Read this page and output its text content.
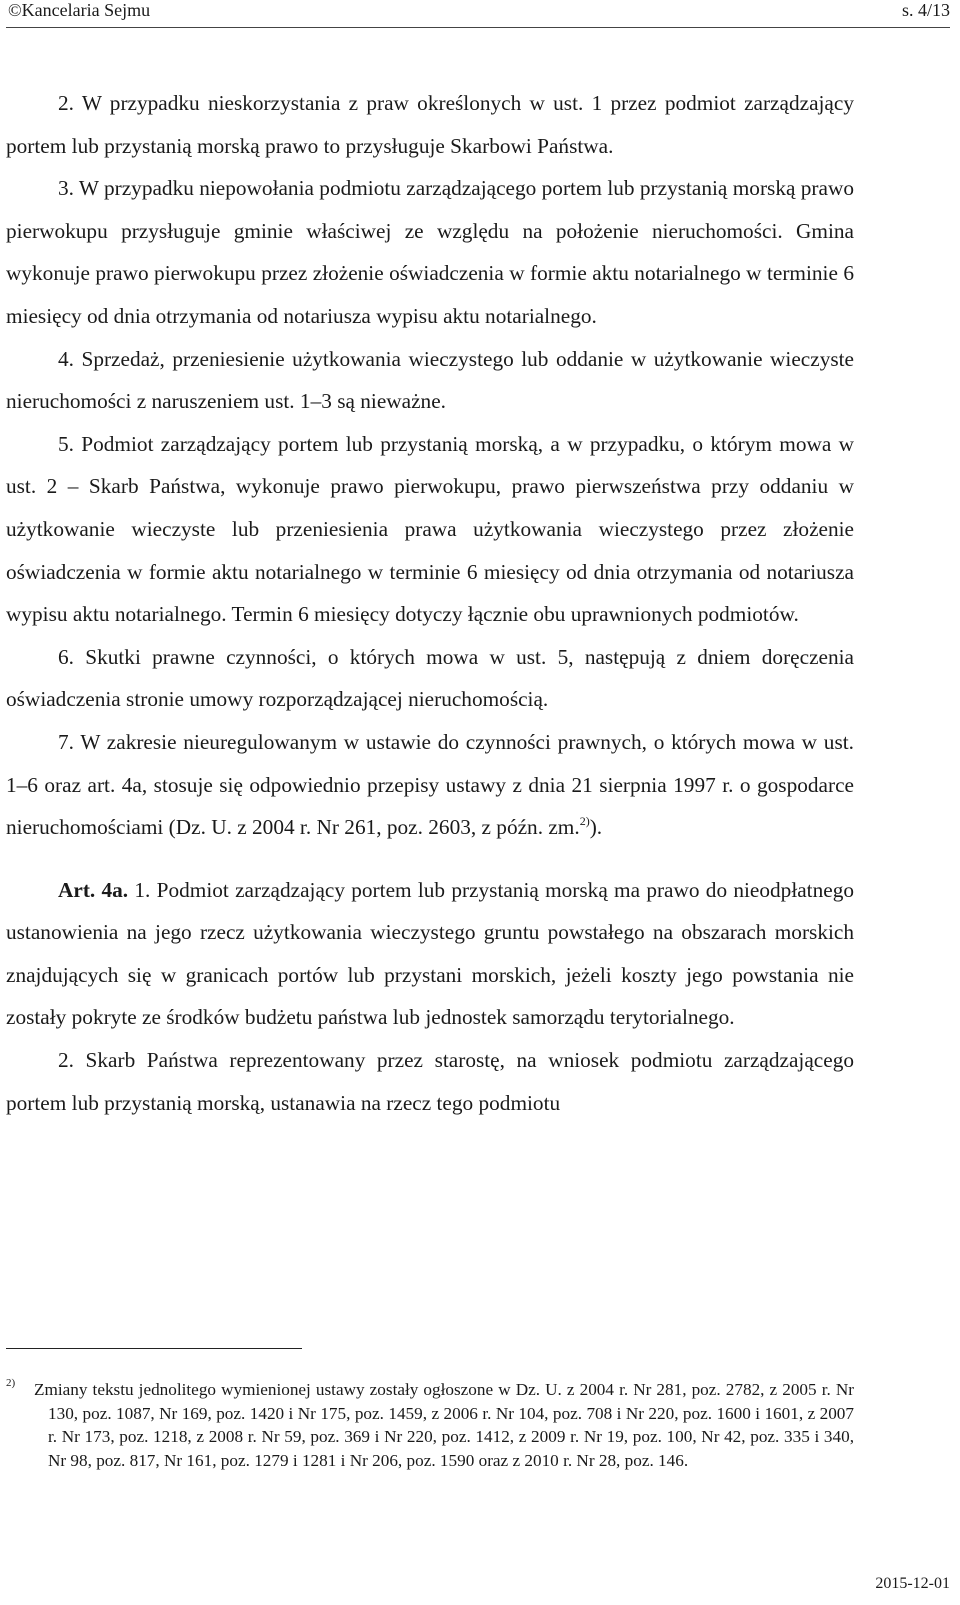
©Kancelaria Sejmu	s. 4/13

2. W przypadku nieskorzystania z praw określonych w ust. 1 przez podmiot zarządzający portem lub przystanią morską prawo to przysługuje Skarbowi Państwa.

3. W przypadku niepowołania podmiotu zarządzającego portem lub przystanią morską prawo pierwokupu przysługuje gminie właściwej ze względu na położenie nieruchomości. Gmina wykonuje prawo pierwokupu przez złożenie oświadczenia w formie aktu notarialnego w terminie 6 miesięcy od dnia otrzymania od notariusza wypisu aktu notarialnego.

4. Sprzedaż, przeniesienie użytkowania wieczystego lub oddanie w użytkowanie wieczyste nieruchomości z naruszeniem ust. 1–3 są nieważne.

5. Podmiot zarządzający portem lub przystanią morską, a w przypadku, o którym mowa w ust. 2 – Skarb Państwa, wykonuje prawo pierwokupu, prawo pierwszeństwa przy oddaniu w użytkowanie wieczyste lub przeniesienia prawa użytkowania wieczystego przez złożenie oświadczenia w formie aktu notarialnego w terminie 6 miesięcy od dnia otrzymania od notariusza wypisu aktu notarialnego. Termin 6 miesięcy dotyczy łącznie obu uprawnionych podmiotów.

6. Skutki prawne czynności, o których mowa w ust. 5, następują z dniem doręczenia oświadczenia stronie umowy rozporządzającej nieruchomością.

7. W zakresie nieuregulowanym w ustawie do czynności prawnych, o których mowa w ust. 1–6 oraz art. 4a, stosuje się odpowiednio przepisy ustawy z dnia 21 sierpnia 1997 r. o gospodarce nieruchomościami (Dz. U. z 2004 r. Nr 261, poz. 2603, z późn. zm.$^{2)}$).

Art. 4a. 1. Podmiot zarządzający portem lub przystanią morską ma prawo do nieodpłatnego ustanowienia na jego rzecz użytkowania wieczystego gruntu powstałego na obszarach morskich znajdujących się w granicach portów lub przystani morskich, jeżeli koszty jego powstania nie zostały pokryte ze środków budżetu państwa lub jednostek samorządu terytorialnego.

2. Skarb Państwa reprezentowany przez starostę, na wniosek podmiotu zarządzającego portem lub przystanią morską, ustanawia na rzecz tego podmiotu

2)	Zmiany tekstu jednolitego wymienionej ustawy zostały ogłoszone w Dz. U. z 2004 r. Nr 281, poz. 2782, z 2005 r. Nr 130, poz. 1087, Nr 169, poz. 1420 i Nr 175, poz. 1459, z 2006 r. Nr 104, poz. 708 i Nr 220, poz. 1600 i 1601, z 2007 r. Nr 173, poz. 1218, z 2008 r. Nr 59, poz. 369 i Nr 220, poz. 1412, z 2009 r. Nr 19, poz. 100, Nr 42, poz. 335 i 340, Nr 98, poz. 817, Nr 161, poz. 1279 i 1281 i Nr 206, poz. 1590 oraz z 2010 r. Nr 28, poz. 146.
2015-12-01
